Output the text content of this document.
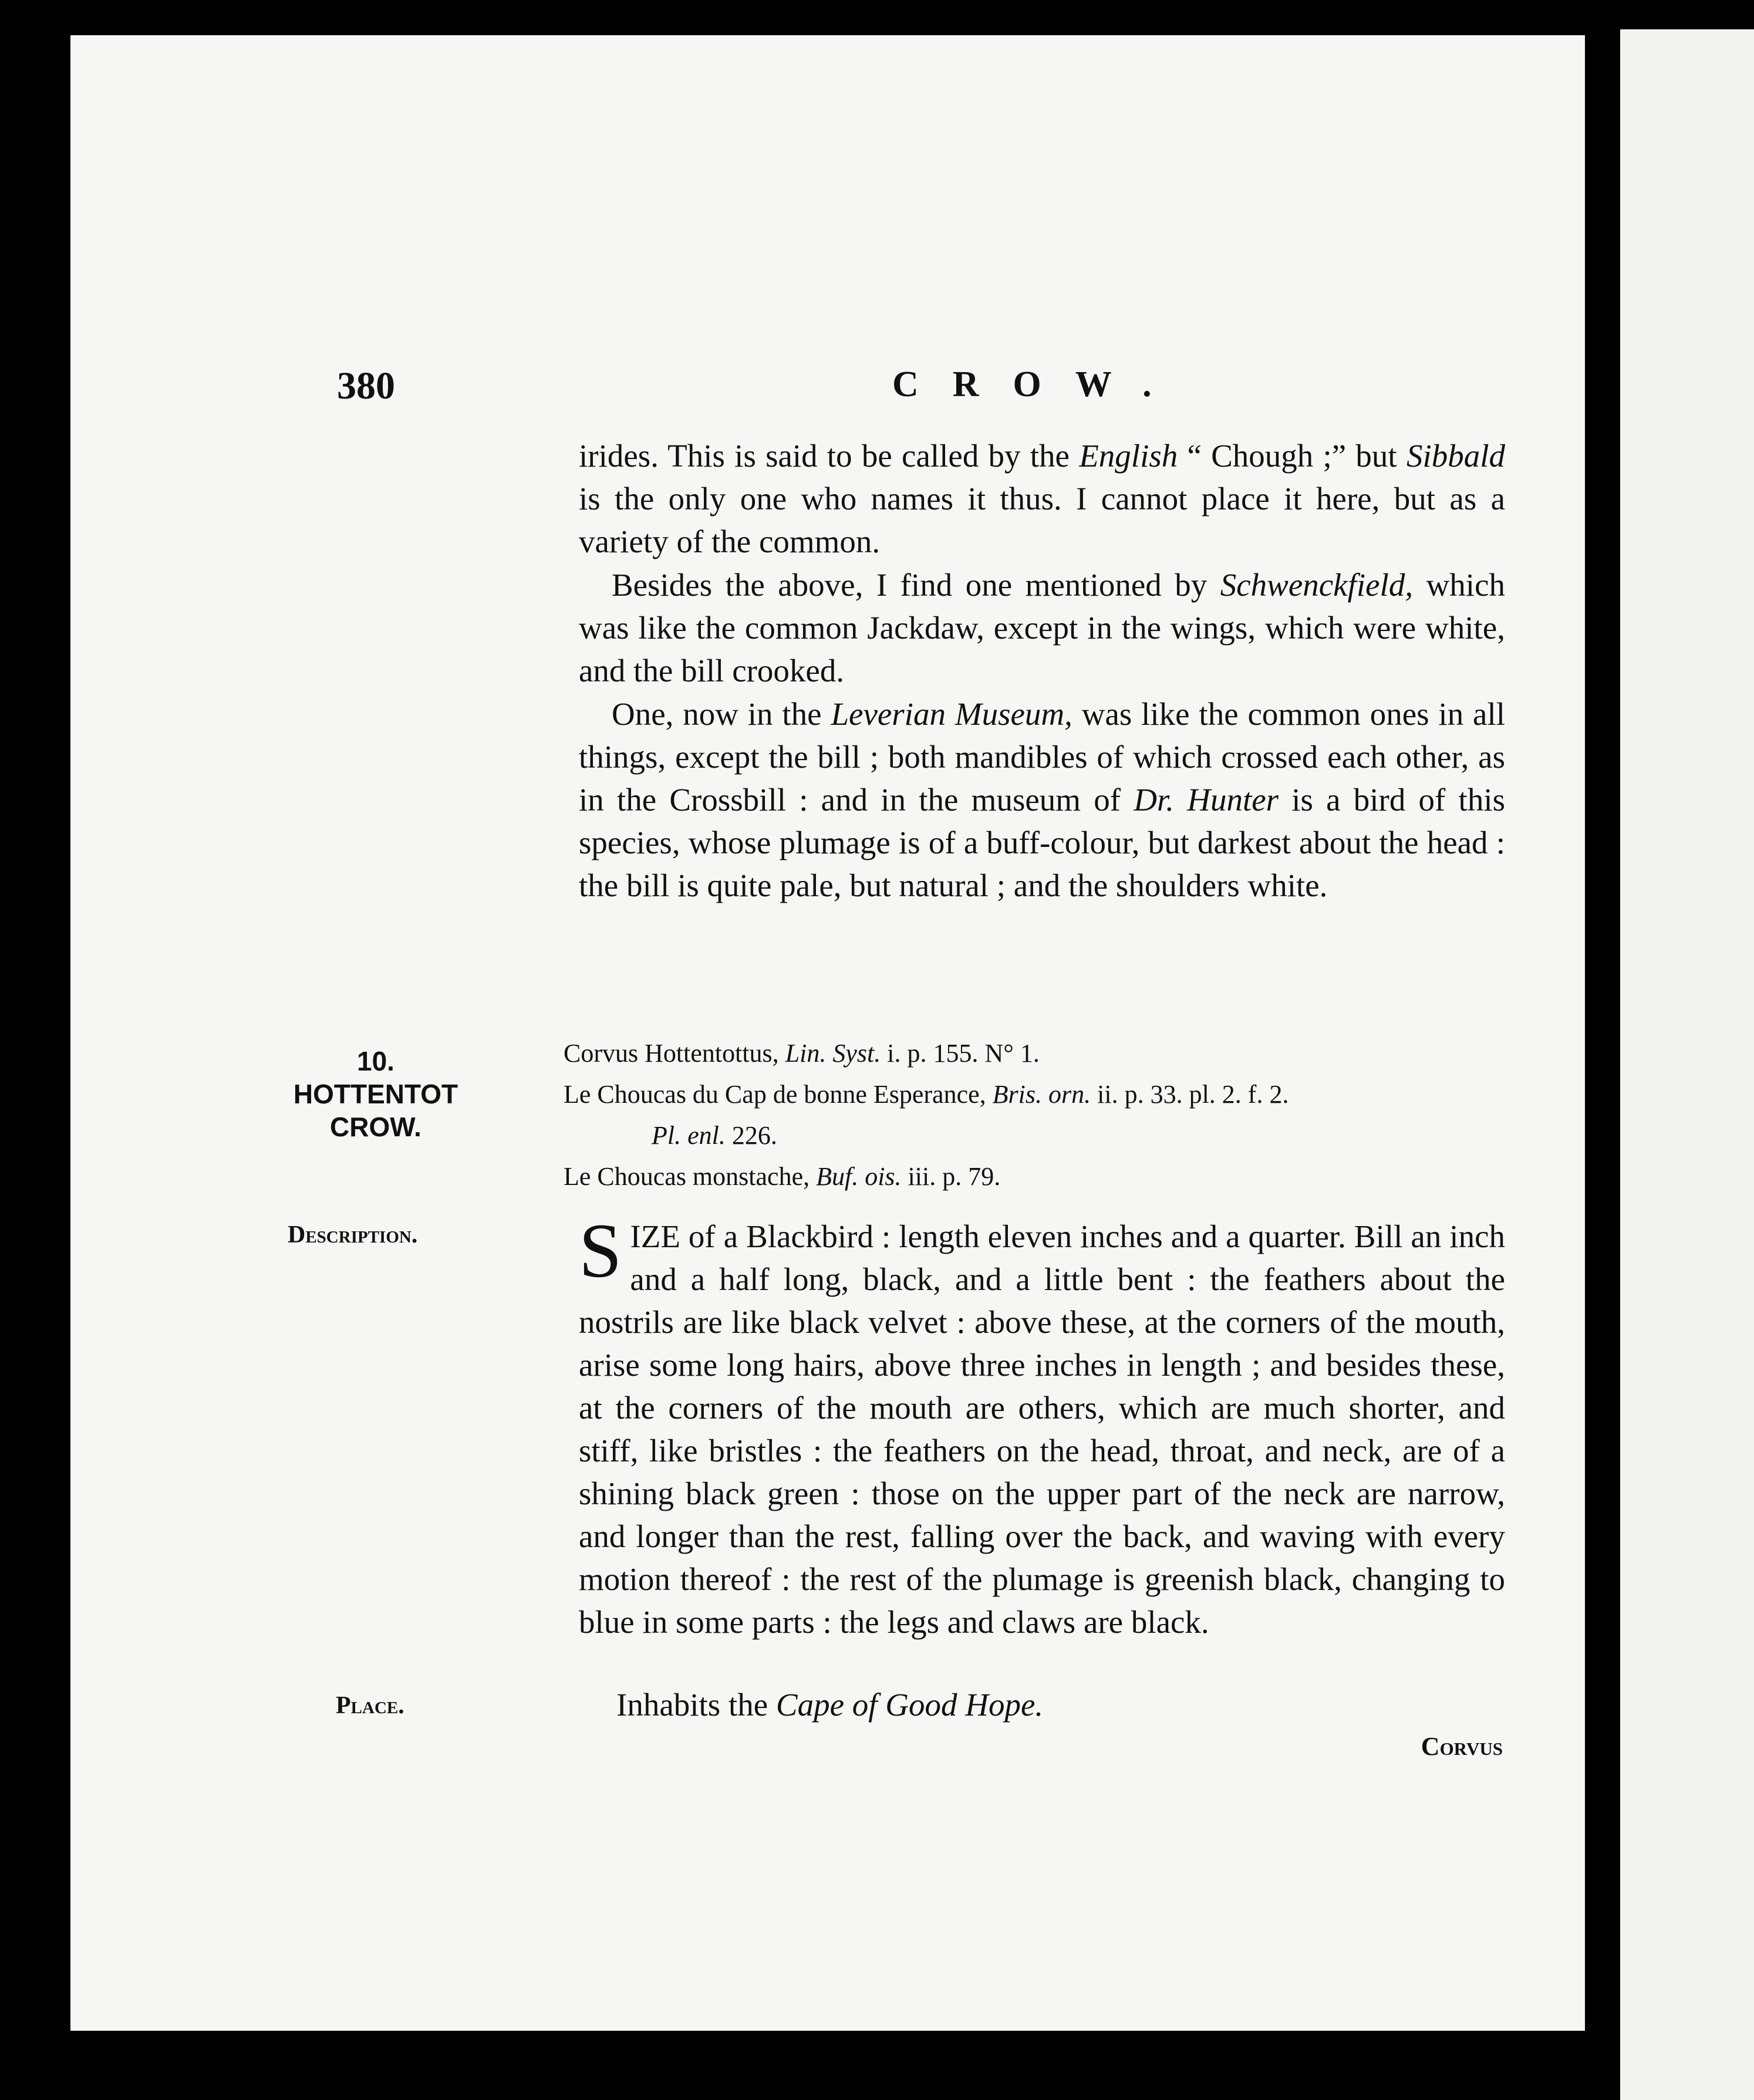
380	CROW.

irides. This is said to be called by the English “ Chough ;” but Sibbald is the only one who names it thus. I cannot place it here, but as a variety of the common.

Besides the above, I find one mentioned by Schwenckfield, which was like the common Jackdaw, except in the wings, which were white, and the bill crooked.

One, now in the Leverian Museum, was like the common ones in all things, except the bill ; both mandibles of which crossed each other, as in the Crossbill : and in the museum of Dr. Hunter is a bird of this species, whose plumage is of a buff-colour, but darkest about the head : the bill is quite pale, but natural ; and the shoulders white.

10.
HOTTENTOT
CROW.
Corvus Hottentottus, Lin. Syst. i. p. 155. N° 1.
Le Choucas du Cap de bonne Esperance, Bris. orn. ii. p. 33. pl. 2. f. 2.
Pl. enl. 226.
Le Choucas monstache, Buf. ois. iii. p. 79.
Description. SIZE of a Blackbird : length eleven inches and a quarter. Bill an inch and a half long, black, and a little bent : the feathers about the nostrils are like black velvet : above these, at the corners of the mouth, arise some long hairs, above three inches in length ; and besides these, at the corners of the mouth are others, which are much shorter, and stiff, like bristles : the feathers on the head, throat, and neck, are of a shining black green : those on the upper part of the neck are narrow, and longer than the rest, falling over the back, and waving with every motion thereof : the rest of the plumage is greenish black, changing to blue in some parts : the legs and claws are black.
Place.	Inhabits the Cape of Good Hope.
Corvus
